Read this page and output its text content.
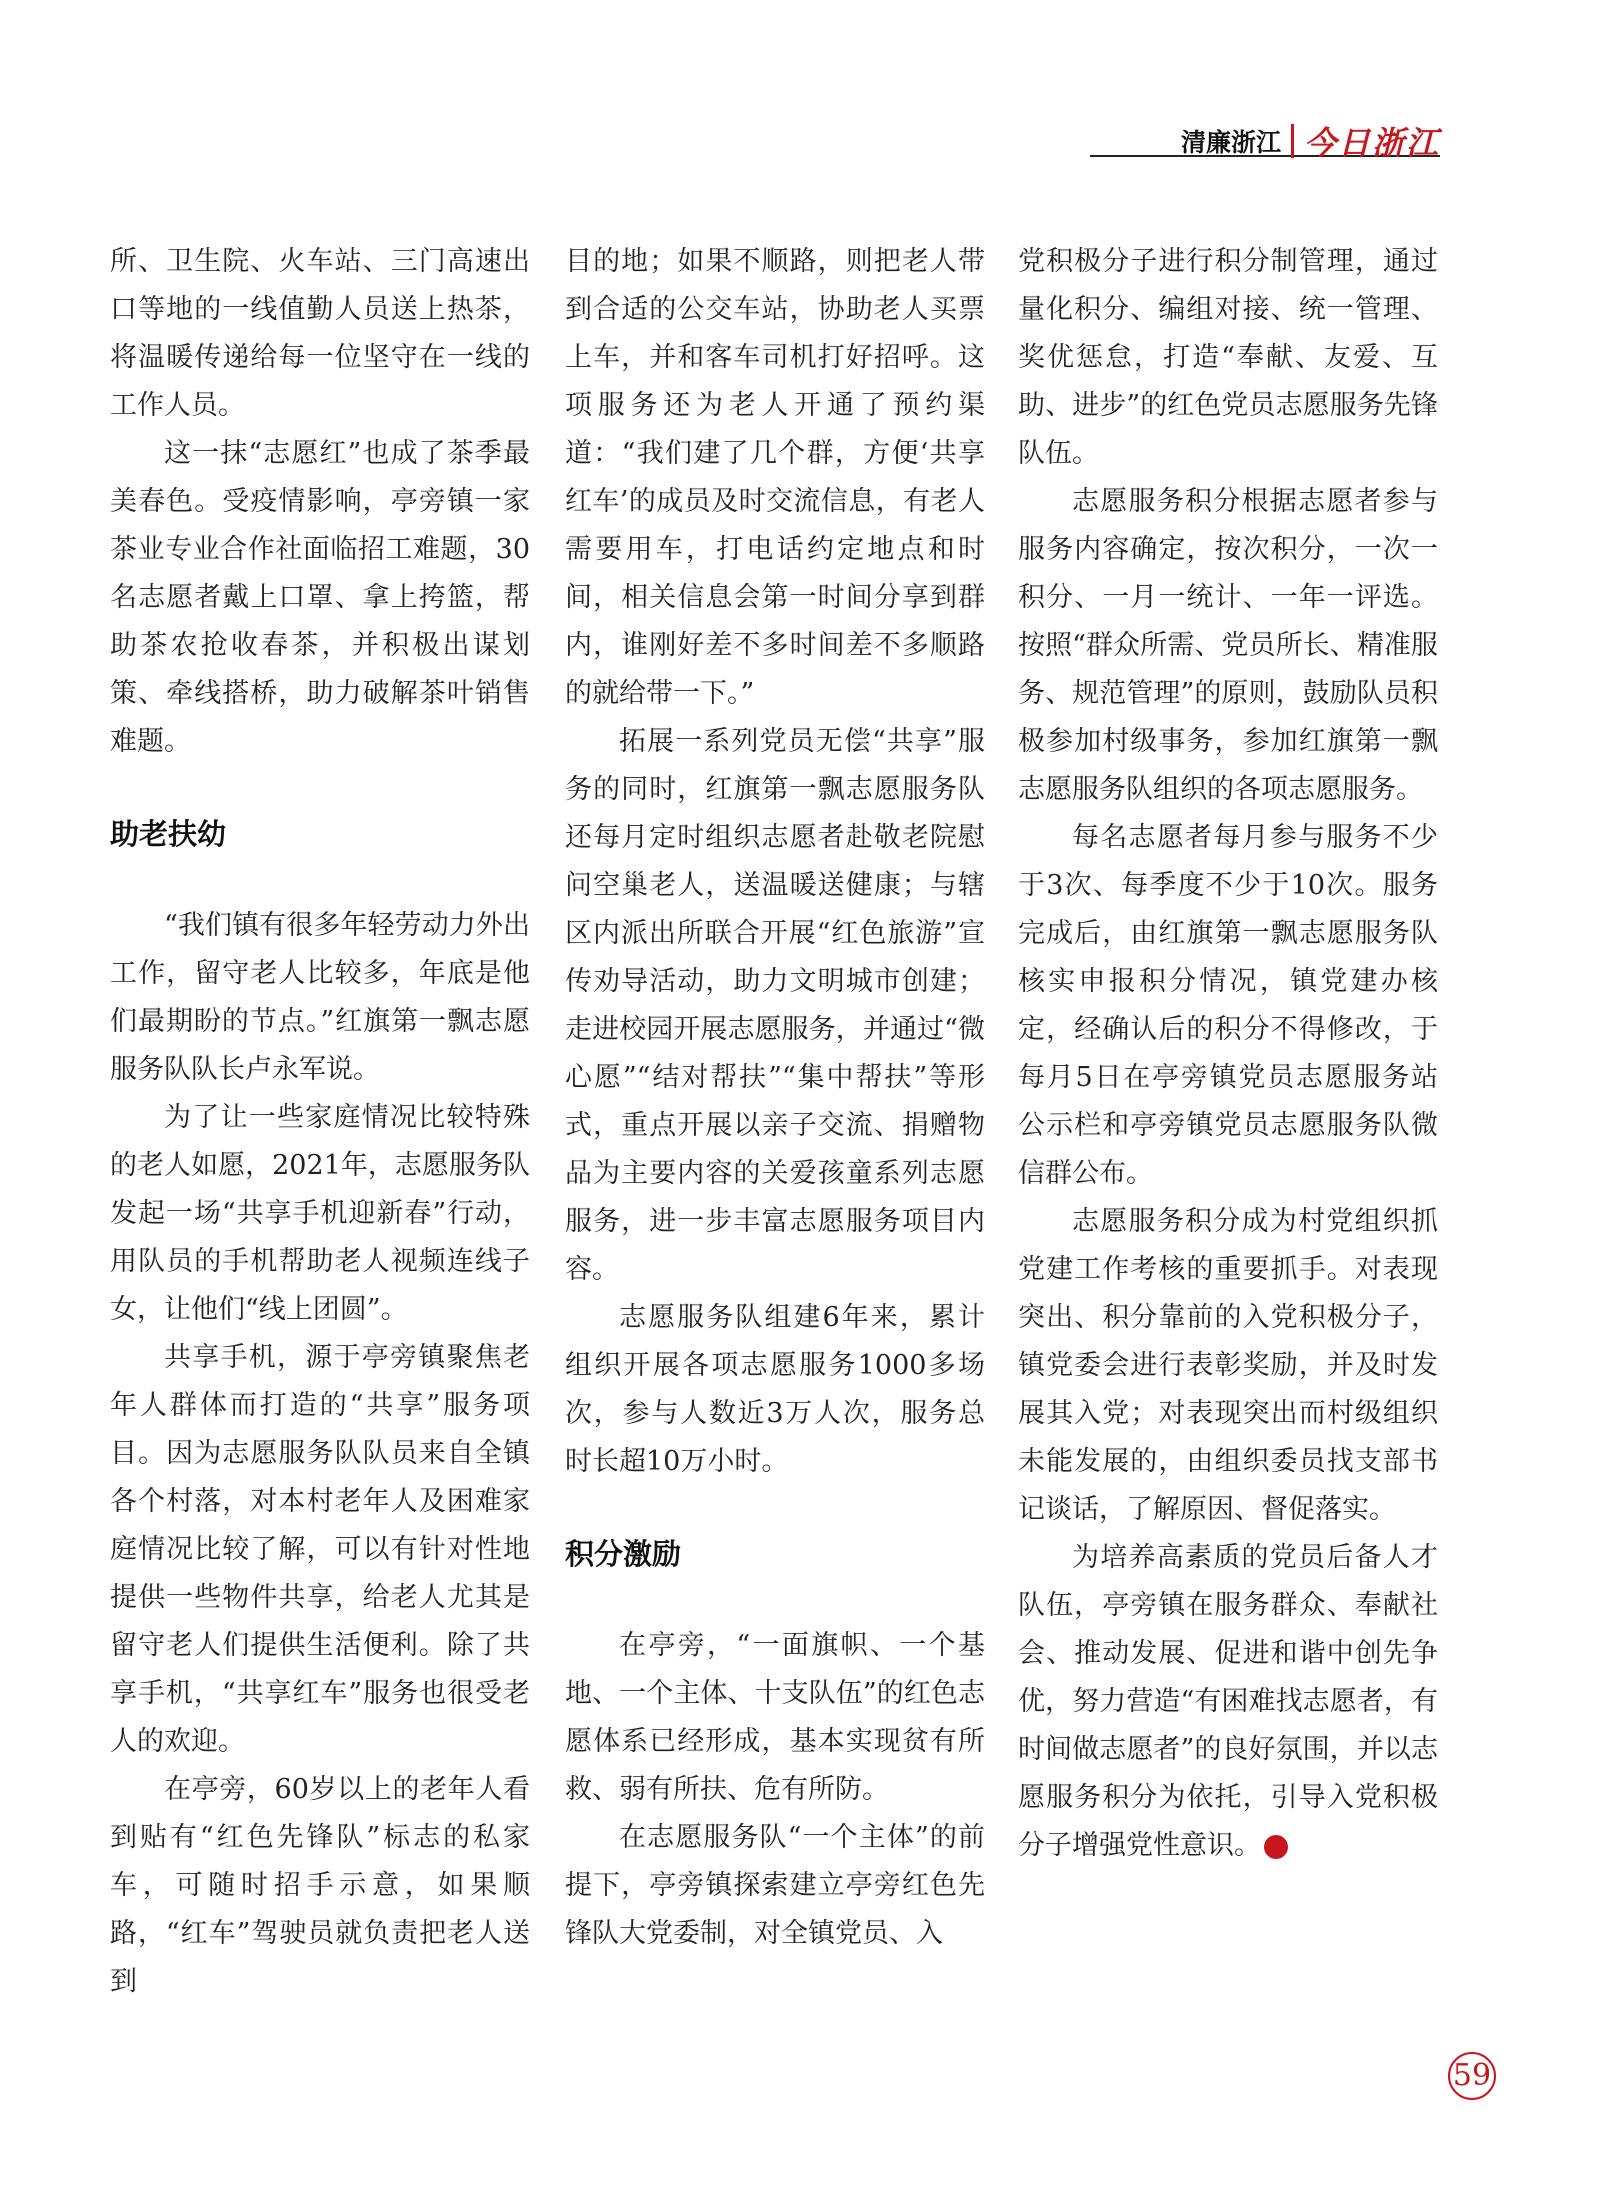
清廉浙江 今日浙江

所、卫生院、火车站、三门高速出口等地的一线值勤人员送上热茶，将温暖传递给每一位坚守在一线的工作人员。

这一抹“志愿红”也成了茶季最美春色。受疫情影响，亭旁镇一家茶业专业合作社面临招工难题，30名志愿者戴上口罩、拿上挎篮，帮助茶农抢收春茶，并积极出谋划策、牵线搭桥，助力破解茶叶销售难题。

助老扶幼

“我们镇有很多年轻劳动力外出工作，留守老人比较多，年底是他们最期盼的节点。”红旗第一飘志愿服务队队长卢永军说。

为了让一些家庭情况比较特殊的老人如愿，2021年，志愿服务队发起一场“共享手机迎新春”行动，用队员的手机帮助老人视频连线子女，让他们“线上团圆”。

共享手机，源于亭旁镇聚焦老年人群体而打造的“共享”服务项目。因为志愿服务队队员来自全镇各个村落，对本村老年人及困难家庭情况比较了解，可以有针对性地提供一些物件共享，给老人尤其是留守老人们提供生活便利。除了共享手机，“共享红车”服务也很受老人的欢迎。

在亭旁，60岁以上的老年人看到贴有“红色先锋队”标志的私家车，可随时招手示意，如果顺路，“红车”驾驶员就负责把老人送到

目的地；如果不顺路，则把老人带到合适的公交车站，协助老人买票上车，并和客车司机打好招呼。这项服务还为老人开通了预约渠道：“我们建了几个群，方便‘共享红车’的成员及时交流信息，有老人需要用车，打电话约定地点和时间，相关信息会第一时间分享到群内，谁刚好差不多时间差不多顺路的就给带一下。”

拓展一系列党员无偿“共享”服务的同时，红旗第一飘志愿服务队还每月定时组织志愿者赴敬老院慰问空巢老人，送温暖送健康；与辖区内派出所联合开展“红色旅游”宣传劝导活动，助力文明城市创建；走进校园开展志愿服务，并通过“微心愿”“结对帮扶”“集中帮扶”等形式，重点开展以亲子交流、捐赠物品为主要内容的关爱孩童系列志愿服务，进一步丰富志愿服务项目内容。

志愿服务队组建6年来，累计组织开展各项志愿服务1000多场次，参与人数近3万人次，服务总时长超10万小时。

积分激励

在亭旁，“一面旗帜、一个基地、一个主体、十支队伍”的红色志愿体系已经形成，基本实现贫有所救、弱有所扶、危有所防。

在志愿服务队“一个主体”的前提下，亭旁镇探索建立亭旁红色先锋队大党委制，对全镇党员、入

党积极分子进行积分制管理，通过量化积分、编组对接、统一管理、奖优惩怠，打造“奉献、友爱、互助、进步”的红色党员志愿服务先锋队伍。

志愿服务积分根据志愿者参与服务内容确定，按次积分，一次一积分、一月一统计、一年一评选。按照“群众所需、党员所长、精准服务、规范管理”的原则，鼓励队员积极参加村级事务，参加红旗第一飘志愿服务队组织的各项志愿服务。

每名志愿者每月参与服务不少于3次、每季度不少于10次。服务完成后，由红旗第一飘志愿服务队核实申报积分情况，镇党建办核定，经确认后的积分不得修改，于每月5日在亭旁镇党员志愿服务站公示栏和亭旁镇党员志愿服务队微信群公布。

志愿服务积分成为村党组织抓党建工作考核的重要抓手。对表现突出、积分靠前的入党积极分子，镇党委会进行表彰奖励，并及时发展其入党；对表现突出而村级组织未能发展的，由组织委员找支部书记谈话，了解原因、督促落实。

为培养高素质的党员后备人才队伍，亭旁镇在服务群众、奉献社会、推动发展、促进和谐中创先争优，努力营造“有困难找志愿者，有时间做志愿者”的良好氛围，并以志愿服务积分为依托，引导入党积极分子增强党性意识。	今

59
